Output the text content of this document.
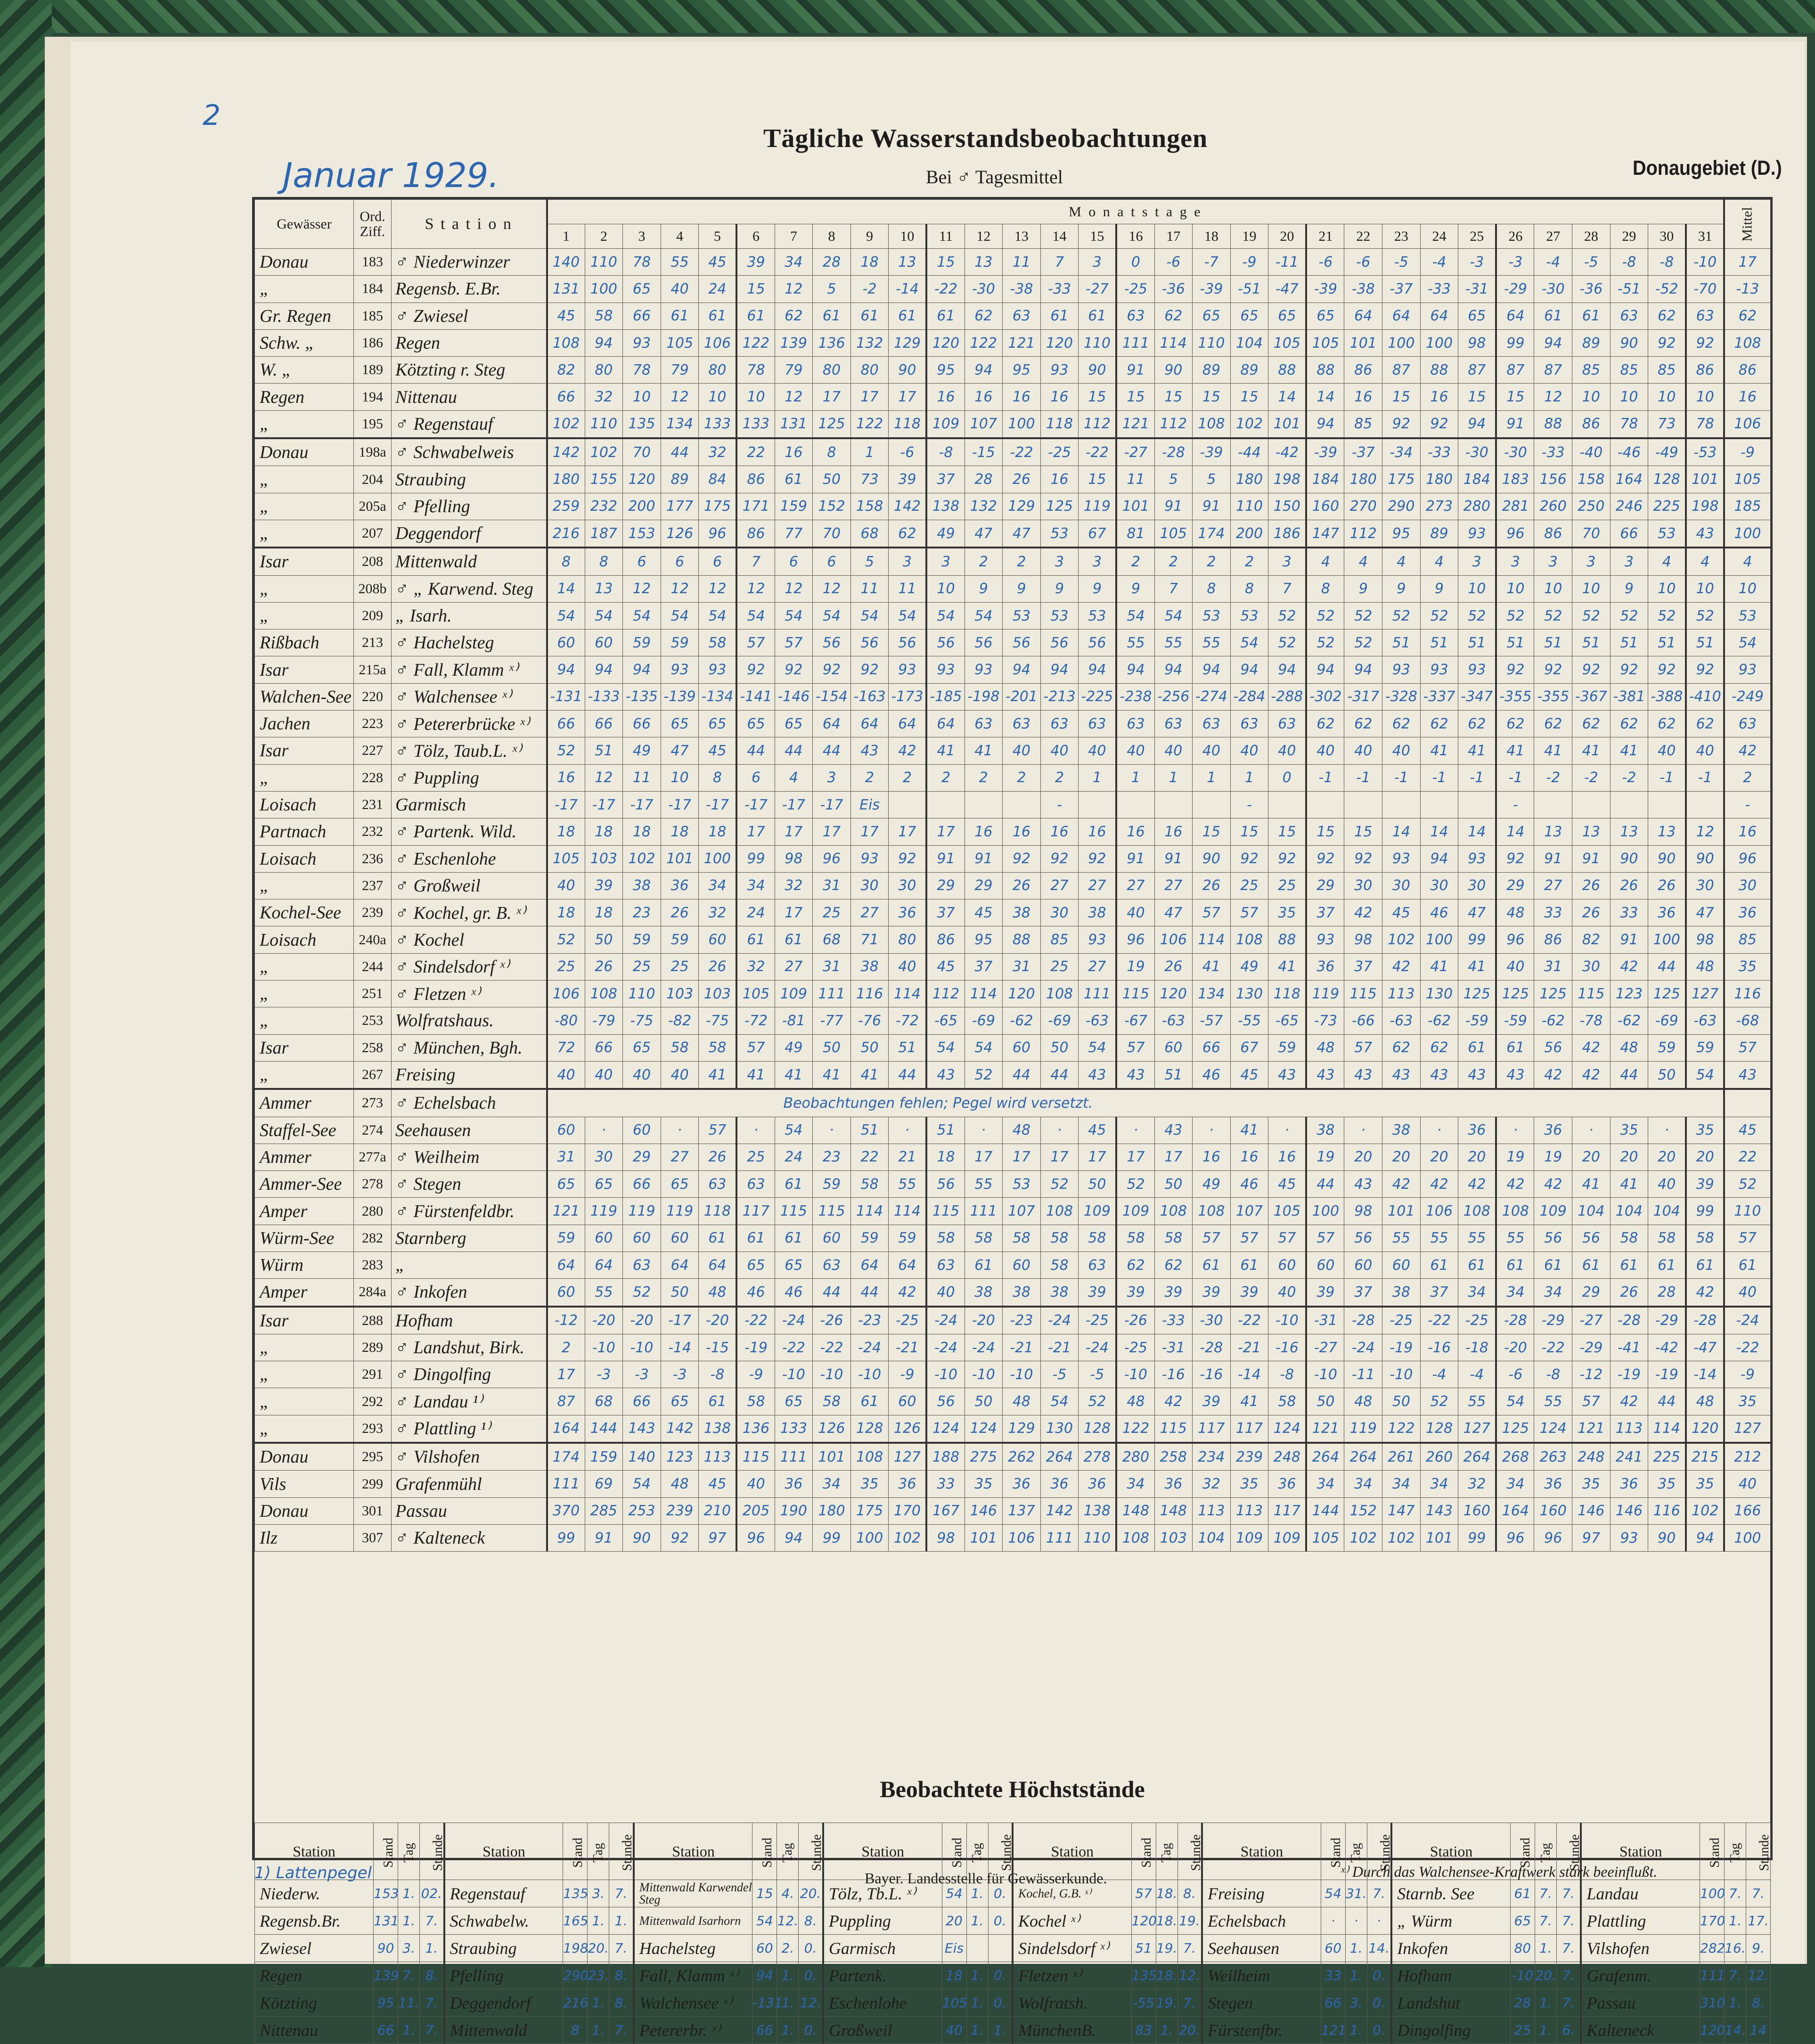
2
Januar 1929.
Tägliche Wasserstandsbeobachtungen
Bei ♂ Tagesmittel	Donaugebiet (D.)
Gewässer	Ord. Ziff.	S t a t i o n	M o n a t s t a g e																															Mittel
			1	2	3	4	5	6	7	8	9	10	11	12	13	14	15	16	17	18	19	20	21	22	23	24	25	26	27	28	29	30	31	
Donau	183	♂ Niederwinzer	140	110	78	55	45	39	34	28	18	13	15	13	11	7	3	0	-6	-7	-9	-11	-6	-6	-5	-4	-3	-3	-4	-5	-8	-8	-10	17
„	184	Regensb. E.Br.	131	100	65	40	24	15	12	5	-2	-14	-22	-30	-38	-33	-27	-25	-36	-39	-51	-47	-39	-38	-37	-33	-31	-29	-30	-36	-51	-52	-70	-13
Gr. Regen	185	♂ Zwiesel	45	58	66	61	61	61	62	61	61	61	61	62	63	61	61	63	62	65	65	65	65	64	64	64	65	64	61	61	63	62	63	62
Schw. „	186	Regen	108	94	93	105	106	122	139	136	132	129	120	122	121	120	110	111	114	110	104	105	105	101	100	100	98	99	94	89	90	92	92	108
W. „	189	Kötzting r. Steg	82	80	78	79	80	78	79	80	80	90	95	94	95	93	90	91	90	89	89	88	88	86	87	88	87	87	87	85	85	85	86	86
Regen	194	Nittenau	66	32	10	12	10	10	12	17	17	17	16	16	16	16	15	15	15	15	15	14	14	16	15	16	15	15	12	10	10	10	10	16
„	195	♂ Regenstauf	102	110	135	134	133	133	131	125	122	118	109	107	100	118	112	121	112	108	102	101	94	85	92	92	94	91	88	86	78	73	78	106
Donau	198a	♂ Schwabelweis	142	102	70	44	32	22	16	8	1	-6	-8	-15	-22	-25	-22	-27	-28	-39	-44	-42	-39	-37	-34	-33	-30	-30	-33	-40	-46	-49	-53	-9
„	204	Straubing	180	155	120	89	84	86	61	50	73	39	37	28	26	16	15	11	5	5	180	198	184	180	175	180	184	183	156	158	164	128	101	105
„	205a	♂ Pfelling	259	232	200	177	175	171	159	152	158	142	138	132	129	125	119	101	91	91	110	150	160	270	290	273	280	281	260	250	246	225	198	185
„	207	Deggendorf	216	187	153	126	96	86	77	70	68	62	49	47	47	53	67	81	105	174	200	186	147	112	95	89	93	96	86	70	66	53	43	100
Isar	208	Mittenwald	8	8	6	6	6	7	6	6	5	3	3	2	2	3	3	2	2	2	2	3	4	4	4	4	3	3	3	3	3	4	4	4
„	208b	♂ „ Karwend. Steg	14	13	12	12	12	12	12	12	11	11	10	9	9	9	9	9	7	8	8	7	8	9	9	9	10	10	10	10	9	10	10	10
„	209	„ Isarh.	54	54	54	54	54	54	54	54	54	54	54	54	53	53	53	54	54	53	53	52	52	52	52	52	52	52	52	52	52	52	52	53
Rißbach	213	♂ Hachelsteg	60	60	59	59	58	57	57	56	56	56	56	56	56	56	56	55	55	55	54	52	52	52	51	51	51	51	51	51	51	51	51	54
Isar	215a	♂ Fall, Klamm ˣ⁾	94	94	94	93	93	92	92	92	92	93	93	93	94	94	94	94	94	94	94	94	94	94	93	93	93	92	92	92	92	92	92	93
Walchen-See	220	♂ Walchensee ˣ⁾	-131	-133	-135	-139	-134	-141	-146	-154	-163	-173	-185	-198	-201	-213	-225	-238	-256	-274	-284	-288	-302	-317	-328	-337	-347	-355	-355	-367	-381	-388	-410	-249
Jachen	223	♂ Petererbrücke ˣ⁾	66	66	66	65	65	65	65	64	64	64	64	63	63	63	63	63	63	63	63	63	62	62	62	62	62	62	62	62	62	62	62	63
Isar	227	♂ Tölz, Taub.L. ˣ⁾	52	51	49	47	45	44	44	44	43	42	41	41	40	40	40	40	40	40	40	40	40	40	40	41	41	41	41	41	41	40	40	42
„	228	♂ Puppling	16	12	11	10	8	6	4	3	2	2	2	2	2	2	1	1	1	1	1	0	-1	-1	-1	-1	-1	-1	-2	-2	-2	-1	-1	2
Loisach	231	Garmisch	-17	-17	-17	-17	-17	-17	-17	-17	Eis					-					-							-						-
Partnach	232	♂ Partenk. Wild.	18	18	18	18	18	17	17	17	17	17	17	16	16	16	16	16	16	15	15	15	15	15	14	14	14	14	13	13	13	13	12	16
Loisach	236	♂ Eschenlohe	105	103	102	101	100	99	98	96	93	92	91	91	92	92	92	91	91	90	92	92	92	92	93	94	93	92	91	91	90	90	90	96
„	237	♂ Großweil	40	39	38	36	34	34	32	31	30	30	29	29	26	27	27	27	27	26	25	25	29	30	30	30	30	29	27	26	26	26	30	30
Kochel-See	239	♂ Kochel, gr. B. ˣ⁾	18	18	23	26	32	24	17	25	27	36	37	45	38	30	38	40	47	57	57	35	37	42	45	46	47	48	33	26	33	36	47	36
Loisach	240a	♂ Kochel	52	50	59	59	60	61	61	68	71	80	86	95	88	85	93	96	106	114	108	88	93	98	102	100	99	96	86	82	91	100	98	85
„	244	♂ Sindelsdorf ˣ⁾	25	26	25	25	26	32	27	31	38	40	45	37	31	25	27	19	26	41	49	41	36	37	42	41	41	40	31	30	42	44	48	35
„	251	♂ Fletzen ˣ⁾	106	108	110	103	103	105	109	111	116	114	112	114	120	108	111	115	120	134	130	118	119	115	113	130	125	125	125	115	123	125	127	116
„	253	Wolfratshaus.	-80	-79	-75	-82	-75	-72	-81	-77	-76	-72	-65	-69	-62	-69	-63	-67	-63	-57	-55	-65	-73	-66	-63	-62	-59	-59	-62	-78	-62	-69	-63	-68
Isar	258	♂ München, Bgh.	72	66	65	58	58	57	49	50	50	51	54	54	60	50	54	57	60	66	67	59	48	57	62	62	61	61	56	42	48	59	59	57
„	267	Freising	40	40	40	40	41	41	41	41	41	44	43	52	44	44	43	43	51	46	45	43	43	43	43	43	43	43	42	42	44	50	54	43
Ammer	273	♂ Echelsbach	Beobachtungen fehlen; Pegel wird versetzt.																															
Staffel-See	274	Seehausen	60	·	60	·	57	·	54	·	51	·	51	·	48	·	45	·	43	·	41	·	38	·	38	·	36	·	36	·	35	·	35	45
Ammer	277a	♂ Weilheim	31	30	29	27	26	25	24	23	22	21	18	17	17	17	17	17	17	16	16	16	19	20	20	20	20	19	19	20	20	20	20	22
Ammer-See	278	♂ Stegen	65	65	66	65	63	63	61	59	58	55	56	55	53	52	50	52	50	49	46	45	44	43	42	42	42	42	42	41	41	40	39	52
Amper	280	♂ Fürstenfeldbr.	121	119	119	119	118	117	115	115	114	114	115	111	107	108	109	109	108	108	107	105	100	98	101	106	108	108	109	104	104	104	99	110
Würm-See	282	Starnberg	59	60	60	60	61	61	61	60	59	59	58	58	58	58	58	58	58	57	57	57	57	56	55	55	55	55	56	56	58	58	58	57
Würm	283	„	64	64	63	64	64	65	65	63	64	64	63	61	60	58	63	62	62	61	61	60	60	60	60	61	61	61	61	61	61	61	61	61
Amper	284a	♂ Inkofen	60	55	52	50	48	46	46	44	44	42	40	38	38	38	39	39	39	39	39	40	39	37	38	37	34	34	34	29	26	28	42	40
Isar	288	Hofham	-12	-20	-20	-17	-20	-22	-24	-26	-23	-25	-24	-20	-23	-24	-25	-26	-33	-30	-22	-10	-31	-28	-25	-22	-25	-28	-29	-27	-28	-29	-28	-24
„	289	♂ Landshut, Birk.	2	-10	-10	-14	-15	-19	-22	-22	-24	-21	-24	-24	-21	-21	-24	-25	-31	-28	-21	-16	-27	-24	-19	-16	-18	-20	-22	-29	-41	-42	-47	-22
„	291	♂ Dingolfing	17	-3	-3	-3	-8	-9	-10	-10	-10	-9	-10	-10	-10	-5	-5	-10	-16	-16	-14	-8	-10	-11	-10	-4	-4	-6	-8	-12	-19	-19	-14	-9
„	292	♂ Landau ¹⁾	87	68	66	65	61	58	65	58	61	60	56	50	48	54	52	48	42	39	41	58	50	48	50	52	55	54	55	57	42	44	48	35
„	293	♂ Plattling ¹⁾	164	144	143	142	138	136	133	126	128	126	124	124	129	130	128	122	115	117	117	124	121	119	122	128	127	125	124	121	113	114	120	127
Donau	295	♂ Vilshofen	174	159	140	123	113	115	111	101	108	127	188	275	262	264	278	280	258	234	239	248	264	264	261	260	264	268	263	248	241	225	215	212
Vils	299	Grafenmühl	111	69	54	48	45	40	36	34	35	36	33	35	36	36	36	34	36	32	35	36	34	34	34	34	32	34	36	35	36	35	35	40
Donau	301	Passau	370	285	253	239	210	205	190	180	175	170	167	146	137	142	138	148	148	113	113	117	144	152	147	143	160	164	160	146	146	116	102	166
Ilz	307	♂ Kalteneck	99	91	90	92	97	96	94	99	100	102	98	101	106	111	110	108	103	104	109	109	105	102	102	101	99	96	96	97	93	90	94	100
Beobachtete Höchststände
Station	Stand	Tag	Stunde	Station	Stand	Tag	Stunde	Station	Stand	Tag	Stunde	Station	Stand	Tag	Stunde	Station	Stand	Tag	Stunde	Station	Stand	Tag	Stunde	Station	Stand	Tag	Stunde	Station	Stand	Tag	Stunde
Niederw.	153	1.	02.	Regenstauf	135	3.	7.	Mittenwald Karwendel Steg	15	4.	20.	Tölz, Tb.L. ˣ⁾	54	1.	0.	Kochel, G.B. ˣ⁾	57	18.	8.	Freising	54	31.	7.	Starnb. See	61	7.	7.	Landau	100	7.	7.
Regensb.Br.	131	1.	7.	Schwabelw.	165	1.	1.	Mittenwald Isarhorn	54	12.	8.	Puppling	20	1.	0.	Kochel ˣ⁾	120	18.	19.	Echelsbach	·	·	·	„ Würm	65	7.	7.	Plattling	170	1.	17.
Zwiesel	90	3.	1.	Straubing	198	20.	7.	Hachelsteg	60	2.	0.	Garmisch	Eis			Sindelsdorf ˣ⁾	51	19.	7.	Seehausen	60	1.	14.	Inkofen	80	1.	7.	Vilshofen	282	16.	9.
Regen	139	7.	8.	Pfelling	290	23.	8.	Fall, Klamm ˣ⁾	94	1.	0.	Partenk.	18	1.	0.	Fletzen ˣ⁾	135	18.	12.	Weilheim	33	1.	0.	Hofham	-10	20.	7.	Grafenm.	111	7.	12.
Kötzting	95	11.	7.	Deggendorf	216	1.	8.	Walchensee ˣ⁾	-131	1.	12.	Eschenlohe	105	1.	0.	Wolfratsh.	-55	19.	7.	Stegen	66	3.	0.	Landshut	28	1.	7.	Passau	310	1.	8.
Nittenau	66	1.	7.	Mittenwald	8	1.	7.	Petererbr. ˣ⁾	66	1.	0.	Großweil	40	1.	1.	MünchenB.	83	1.	20.	Fürstenfbr.	121	1.	0.	Dingolfing	25	1.	6.	Kalteneck	120	14.	14
1) Lattenpegel	Bayer. Landesstelle für Gewässerkunde.	ˣ⁾ Durch das Walchensee-Kraftwerk stark beeinflußt.
